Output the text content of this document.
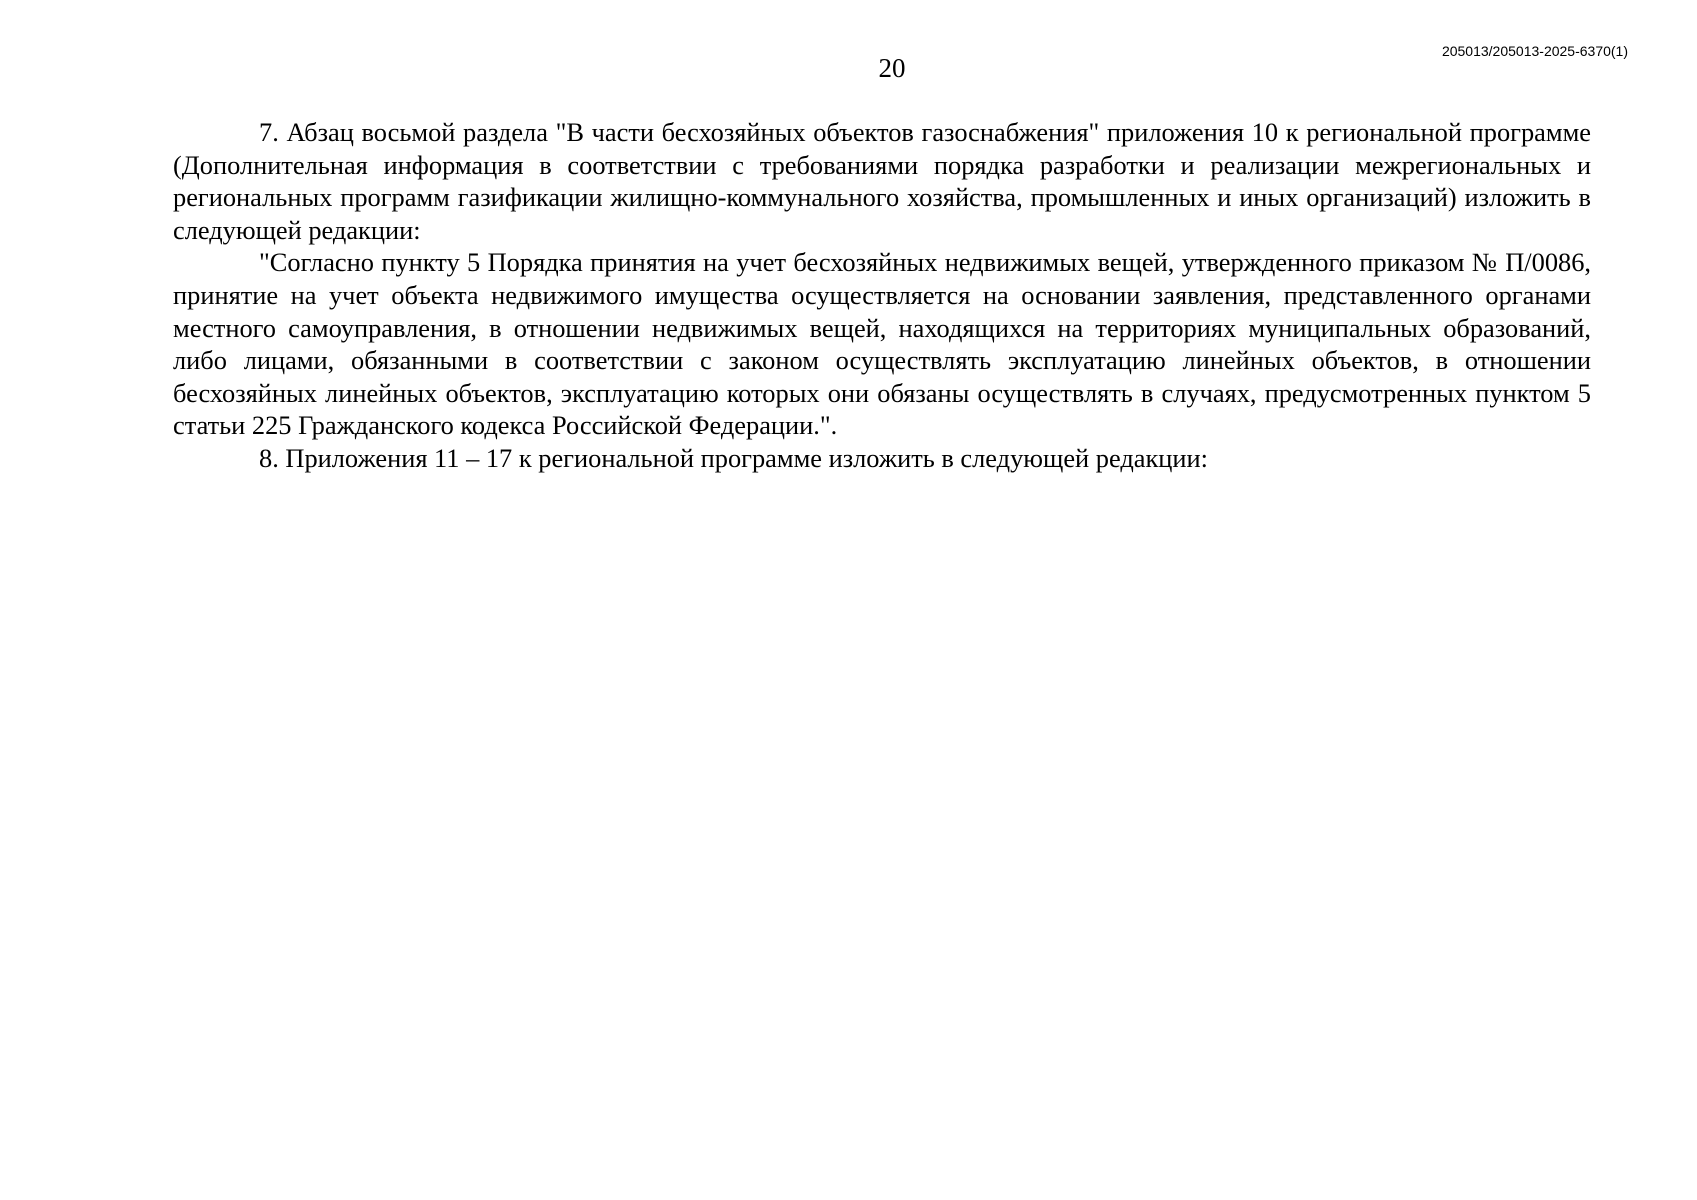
205013/205013-2025-6370(1)
20

7. Абзац восьмой раздела "В части бесхозяйных объектов газоснабжения" приложения 10 к региональной программе (Дополнительная информация в соответствии с требованиями порядка разработки и реализации межрегиональных и региональных программ газификации жилищно-коммунального хозяйства, промышленных и иных организаций) изложить в следующей редакции:

"Согласно пункту 5 Порядка принятия на учет бесхозяйных недвижимых вещей, утвержденного приказом № П/0086, принятие на учет объекта недвижимого имущества осуществляется на основании заявления, представленного органами местного самоуправления, в отношении недвижимых вещей, находящихся на территориях муниципальных образований, либо лицами, обязанными в соответствии с законом осуществлять эксплуатацию линейных объектов, в отношении бесхозяйных линейных объектов, эксплуатацию которых они обязаны осуществлять в случаях, предусмотренных пунктом 5 статьи 225 Гражданского кодекса Российской Федерации.".

8. Приложения 11 – 17 к региональной программе изложить в следующей редакции:
